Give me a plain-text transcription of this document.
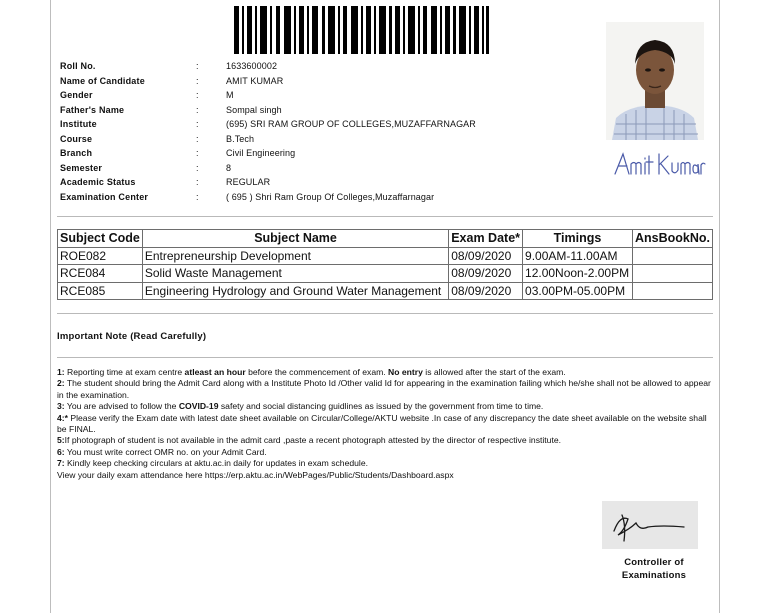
Roll No.	:	1633600002
Name of Candidate	:	AMIT KUMAR
Gender	:	M
Father's Name	:	Sompal singh
Institute	:	(695) SRI RAM GROUP OF COLLEGES,MUZAFFARNAGAR
Course	:	B.Tech
Branch	:	Civil Engineering
Semester	:	8
Academic Status	:	REGULAR
Examination Center	:	( 695 ) Shri Ram Group Of Colleges,Muzaffarnagar
Subject Code	Subject Name	Exam Date*	Timings	AnsBookNo.
ROE082	Entrepreneurship Development	08/09/2020	9.00AM-11.00AM	
RCE084	Solid Waste Management	08/09/2020	12.00Noon-2.00PM	
RCE085	Engineering Hydrology and Ground Water Management	08/09/2020	03.00PM-05.00PM	
Important Note (Read Carefully)
1: Reporting time at exam centre atleast an hour before the commencement of exam. No entry is allowed after the start of the exam.
2: The student should bring the Admit Card along with a Institute Photo Id /Other valid Id for appearing in the examination failing which he/she shall not be allowed to appear in the examination.
3: You are advised to follow the COVID-19 safety and social distancing guidlines as issued by the government from time to time.
4:* Please verify the Exam date with latest date sheet available on Circular/College/AKTU website .In case of any discrepancy the date sheet available on the website shall be FINAL.
5:If photograph of student is not available in the admit card ,paste a recent photograph attested by the director of respective institute.
6: You must write correct OMR no. on your Admit Card.
7: Kindly keep checking circulars at aktu.ac.in daily for updates in exam schedule.
View your daily exam attendance here https://erp.aktu.ac.in/WebPages/Public/Students/Dashboard.aspx
Controller of
Examinations
